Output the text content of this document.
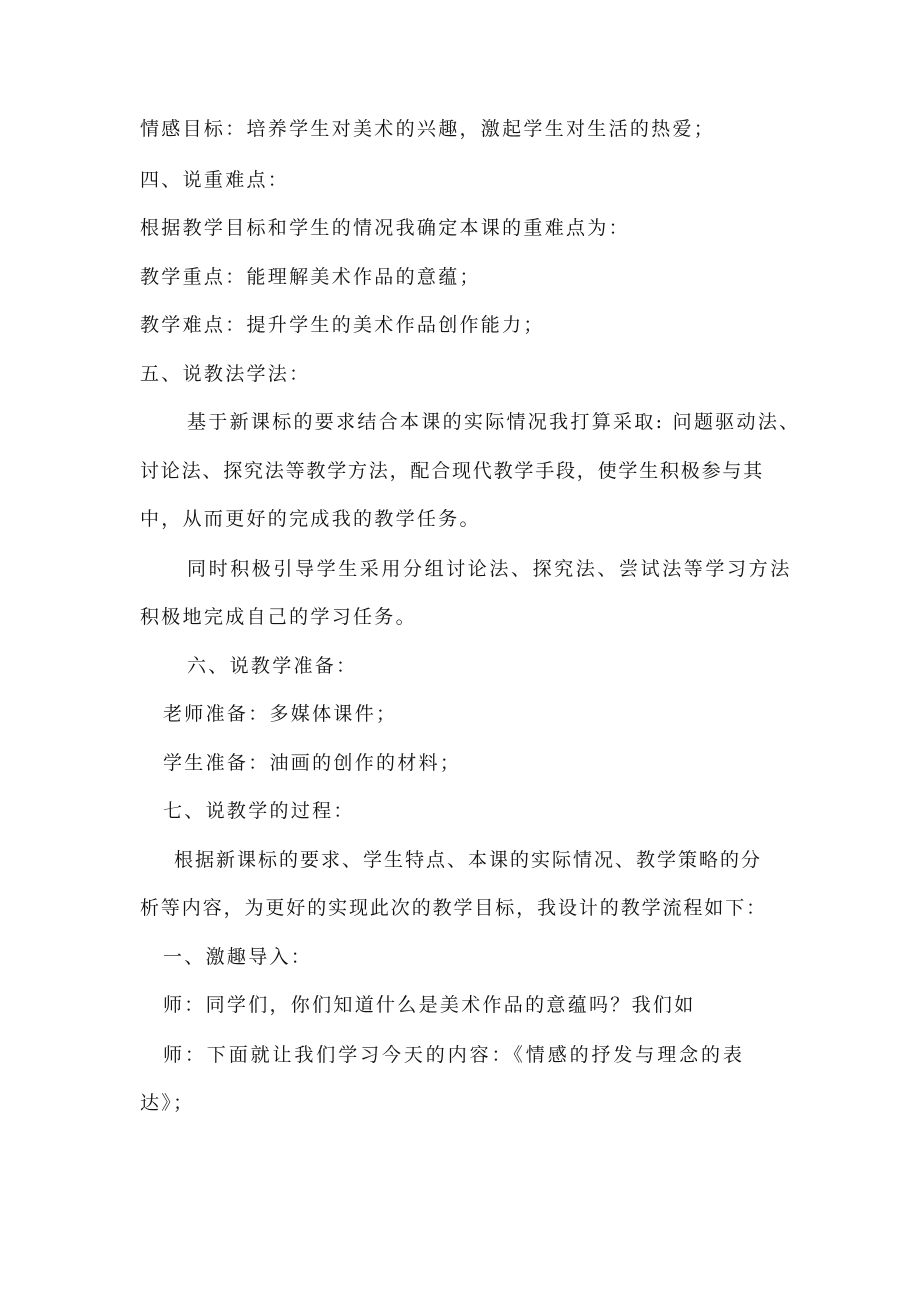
情感目标：培养学生对美术的兴趣，激起学生对生活的热爱；
四、说重难点：
根据教学目标和学生的情况我确定本课的重难点为：
教学重点：能理解美术作品的意蕴；
教学难点：提升学生的美术作品创作能力；
五、说教法学法：
基于新课标的要求结合本课的实际情况我打算采取: 问题驱动法、
讨论法、探究法等教学方法，配合现代教学手段，使学生积极参与其
中，从而更好的完成我的教学任务。
同时积极引导学生采用分组讨论法、探究法、尝试法等学习方法
积极地完成自己的学习任务。
六、说教学准备：
老师准备：多媒体课件；
学生准备：油画的创作的材料；
七、说教学的过程：
根据新课标的要求、学生特点、本课的实际情况、教学策略的分
析等内容，为更好的实现此次的教学目标，我设计的教学流程如下：
一、激趣导入：
师：同学们，你们知道什么是美术作品的意蕴吗？我们如
师：下面就让我们学习今天的内容：《情感的抒发与理念的表
达》；
